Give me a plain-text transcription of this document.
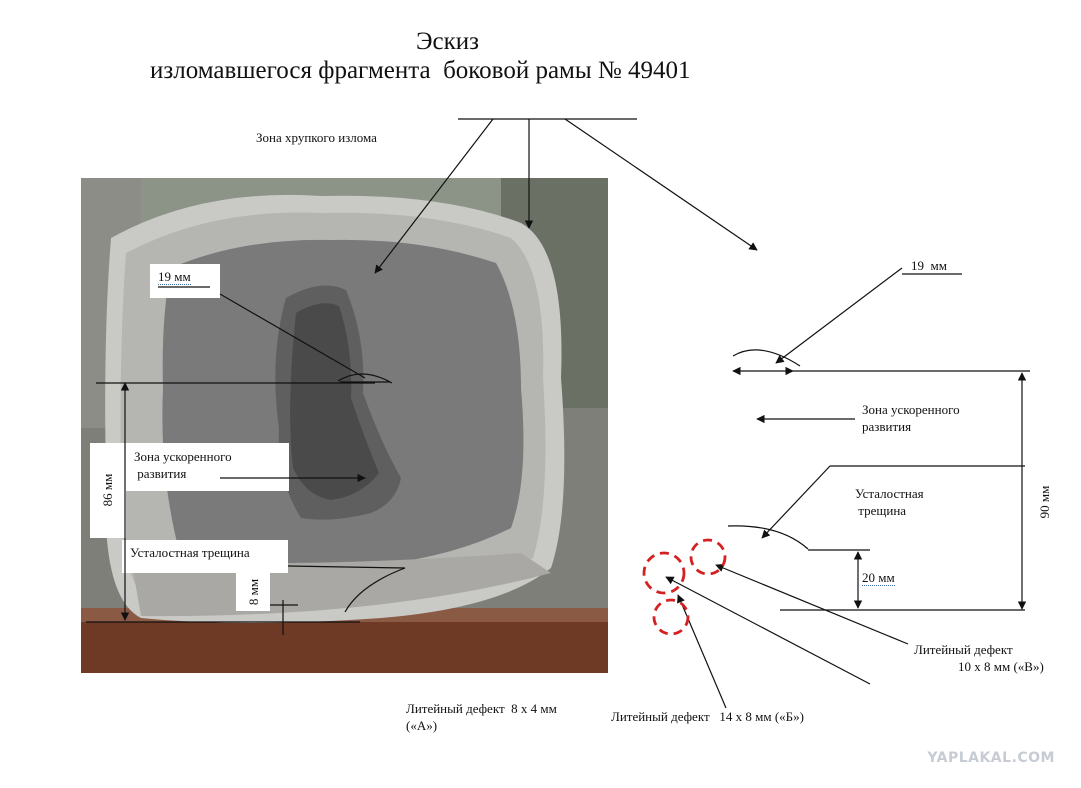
Эскиз
изломавшегося фрагмента  боковой рамы № 49401
Зона хрупкого излома
19 мм
Зона ускоренного
развития
86 мм
Усталостная трещина
8 мм
19  мм
Зона ускоренного
развития
Усталостная
трещина
20 мм
90 мм
Литейный дефект
10 х 8 мм («В»)
Литейный дефект  8 х 4 мм
(«А»)
Литейный дефект   14 х 8 мм («Б»)
YAPLAKAL.COM
